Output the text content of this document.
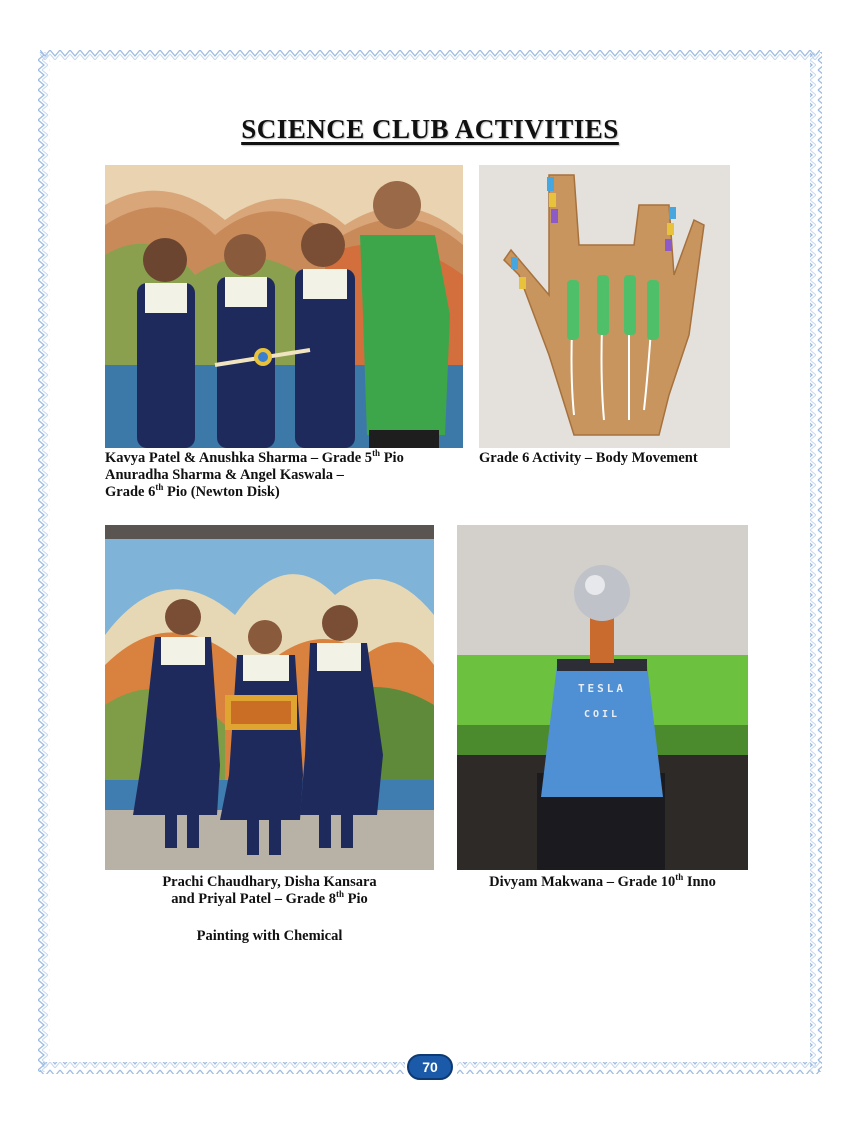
SCIENCE CLUB ACTIVITIES
Kavya Patel & Anushka Sharma – Grade 5th Pio
Anuradha Sharma & Angel Kaswala –
Grade 6th Pio (Newton Disk)
Grade 6 Activity – Body Movement
TESLA
COIL
Prachi Chaudhary, Disha Kansara
and Priyal Patel – Grade 8th Pio
Painting with Chemical
Divyam Makwana – Grade 10th Inno
70
